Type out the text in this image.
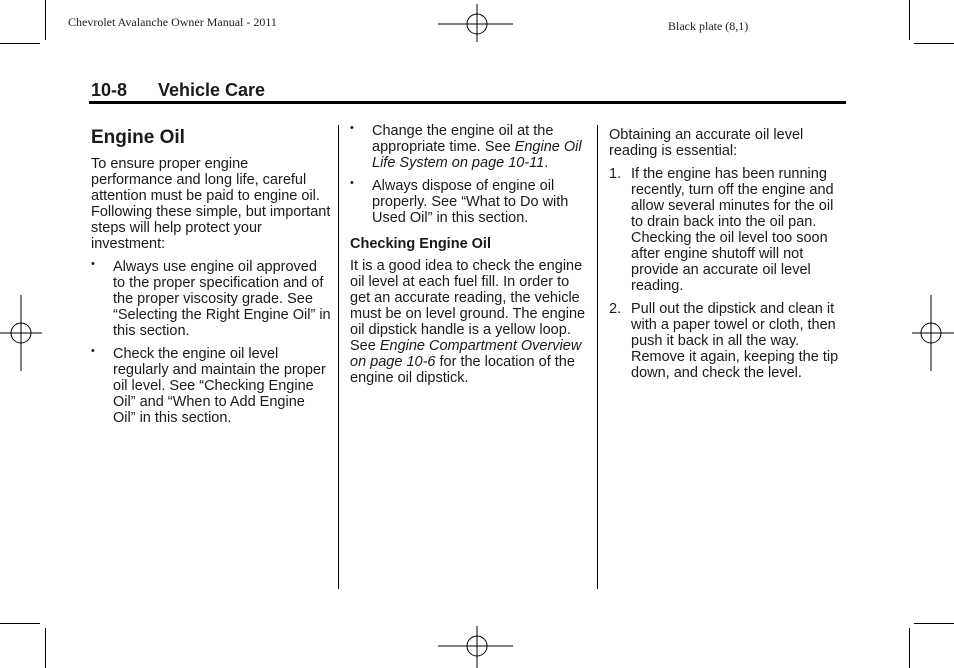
Chevrolet Avalanche Owner Manual - 2011	Black plate (8,1)
10-8 Vehicle Care
Engine Oil

To ensure proper engine performance and long life, careful attention must be paid to engine oil. Following these simple, but important steps will help protect your investment:

• Always use engine oil approved to the proper specification and of the proper viscosity grade. See “Selecting the Right Engine Oil” in this section.
• Check the engine oil level regularly and maintain the proper oil level. See “Checking Engine Oil” and “When to Add Engine Oil” in this section.
• Change the engine oil at the appropriate time. See Engine Oil Life System on page 10-11.
• Always dispose of engine oil properly. See “What to Do with Used Oil” in this section.
Checking Engine Oil

It is a good idea to check the engine oil level at each fuel fill. In order to get an accurate reading, the vehicle must be on level ground. The engine oil dipstick handle is a yellow loop. See Engine Compartment Overview on page 10-6 for the location of the engine oil dipstick.

Obtaining an accurate oil level reading is essential:

1. If the engine has been running recently, turn off the engine and allow several minutes for the oil to drain back into the oil pan. Checking the oil level too soon after engine shutoff will not provide an accurate oil level reading.
2. Pull out the dipstick and clean it with a paper towel or cloth, then push it back in all the way. Remove it again, keeping the tip down, and check the level.
